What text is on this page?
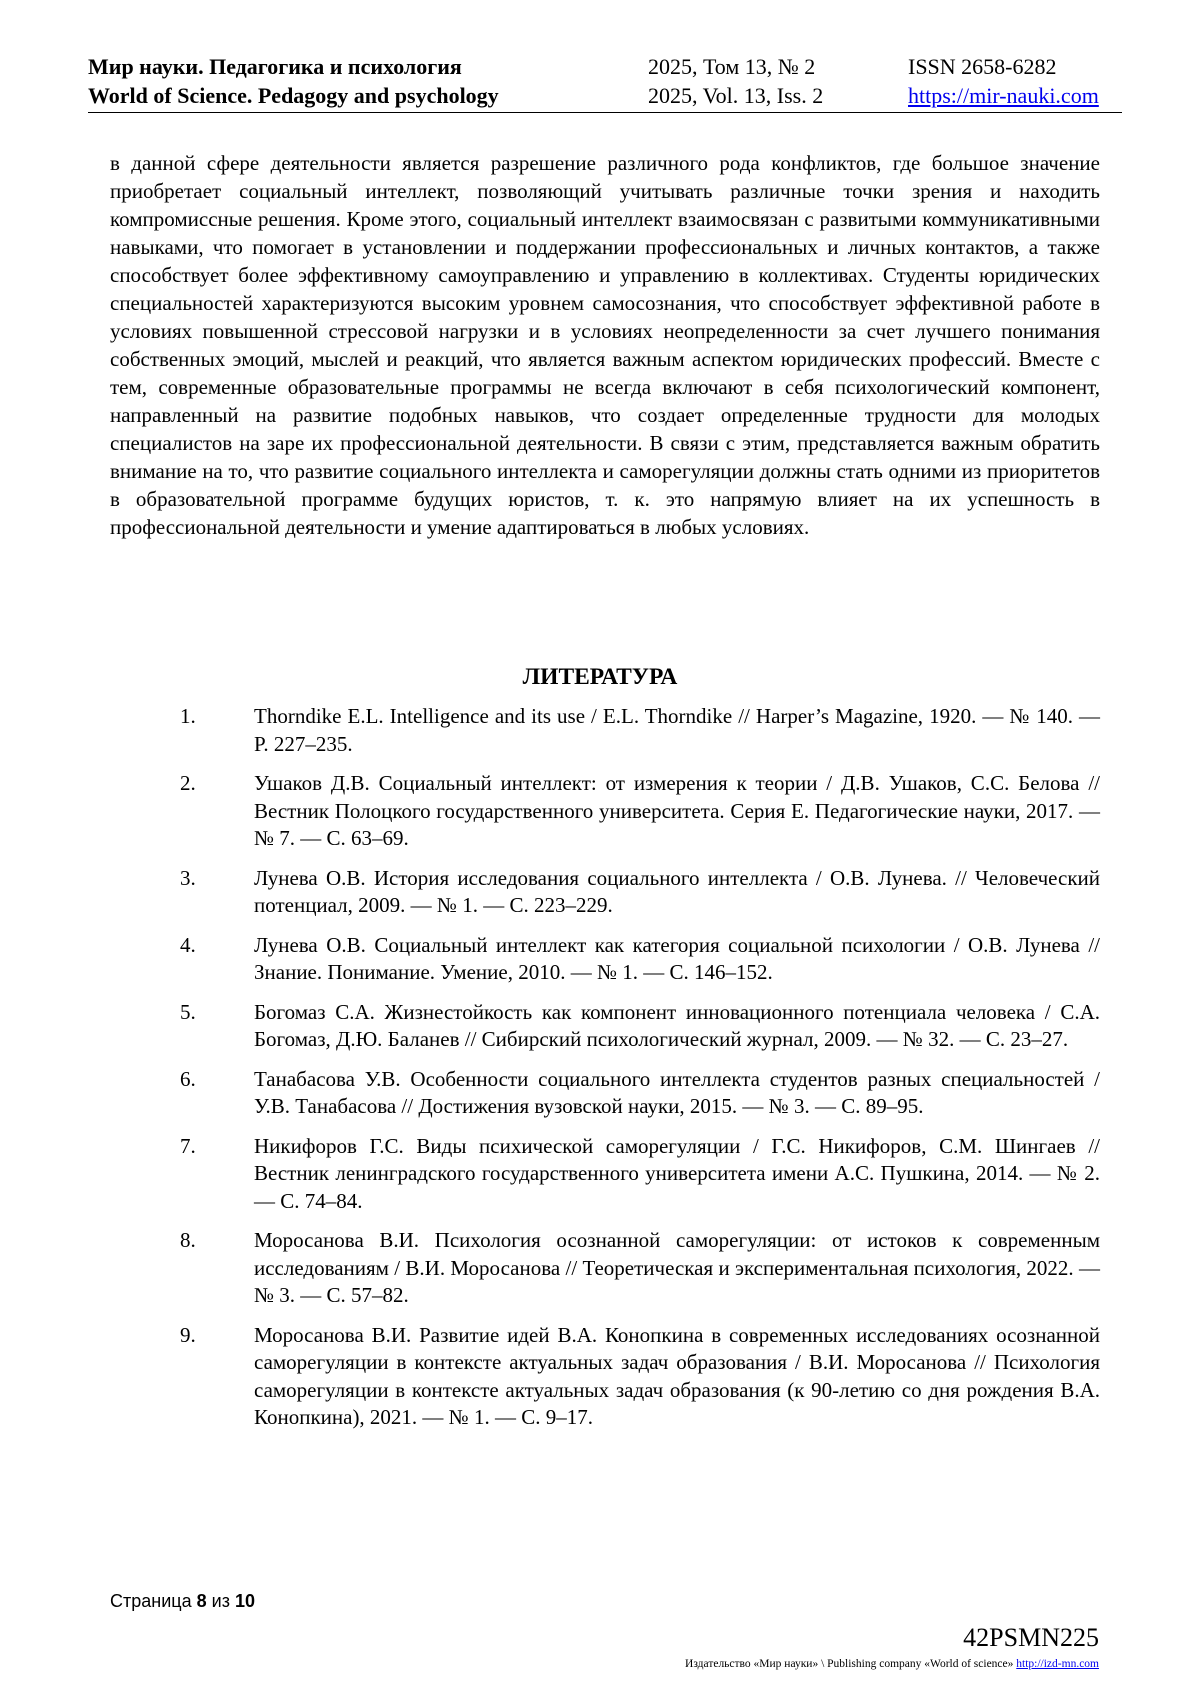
Мир науки. Педагогика и психология
World of Science. Pedagogy and psychology
2025, Том 13, № 2
2025, Vol. 13, Iss. 2
ISSN 2658-6282
https://mir-nauki.com

в данной сфере деятельности является разрешение различного рода конфликтов, где большое значение приобретает социальный интеллект, позволяющий учитывать различные точки зрения и находить компромиссные решения. Кроме этого, социальный интеллект взаимосвязан с развитыми коммуникативными навыками, что помогает в установлении и поддержании профессиональных и личных контактов, а также способствует более эффективному самоуправлению и управлению в коллективах. Студенты юридических специальностей характеризуются высоким уровнем самосознания, что способствует эффективной работе в условиях повышенной стрессовой нагрузки и в условиях неопределенности за счет лучшего понимания собственных эмоций, мыслей и реакций, что является важным аспектом юридических профессий. Вместе с тем, современные образовательные программы не всегда включают в себя психологический компонент, направленный на развитие подобных навыков, что создает определенные трудности для молодых специалистов на заре их профессиональной деятельности. В связи с этим, представляется важным обратить внимание на то, что развитие социального интеллекта и саморегуляции должны стать одними из приоритетов в образовательной программе будущих юристов, т. к. это напрямую влияет на их успешность в профессиональной деятельности и умение адаптироваться в любых условиях.

ЛИТЕРАТУРА
1.	Thorndike E.L. Intelligence and its use / E.L. Thorndike // Harper’s Magazine, 1920. — № 140. — P. 227–235.
2.	Ушаков Д.В. Социальный интеллект: от измерения к теории / Д.В. Ушаков, С.С. Белова // Вестник Полоцкого государственного университета. Серия Е. Педагогические науки, 2017. — № 7. — С. 63–69.
3.	Лунева О.В. История исследования социального интеллекта / О.В. Лунева. // Человеческий потенциал, 2009. — № 1. — С. 223–229.
4.	Лунева О.В. Социальный интеллект как категория социальной психологии / О.В. Лунева // Знание. Понимание. Умение, 2010. — № 1. — С. 146–152.
5.	Богомаз С.А. Жизнестойкость как компонент инновационного потенциала человека / С.А. Богомаз, Д.Ю. Баланев // Сибирский психологический журнал, 2009. — № 32. — С. 23–27.
6.	Танабасова У.В. Особенности социального интеллекта студентов разных специальностей / У.В. Танабасова // Достижения вузовской науки, 2015. — № 3. — С. 89–95.
7.	Никифоров Г.С. Виды психической саморегуляции / Г.С. Никифоров, С.М. Шингаев // Вестник ленинградского государственного университета имени А.С. Пушкина, 2014. — № 2. — С. 74–84.
8.	Моросанова В.И. Психология осознанной саморегуляции: от истоков к современным исследованиям / В.И. Моросанова // Теоретическая и экспериментальная психология, 2022. — № 3. — С. 57–82.
9.	Моросанова В.И. Развитие идей В.А. Конопкина в современных исследованиях осознанной саморегуляции в контексте актуальных задач образования / В.И. Моросанова // Психология саморегуляции в контексте актуальных задач образования (к 90-летию со дня рождения В.А. Конопкина), 2021. — № 1. — С. 9–17.
Страница 8 из 10
42PSMN225
Издательство «Мир науки» \ Publishing company «World of science» http://izd-mn.com
